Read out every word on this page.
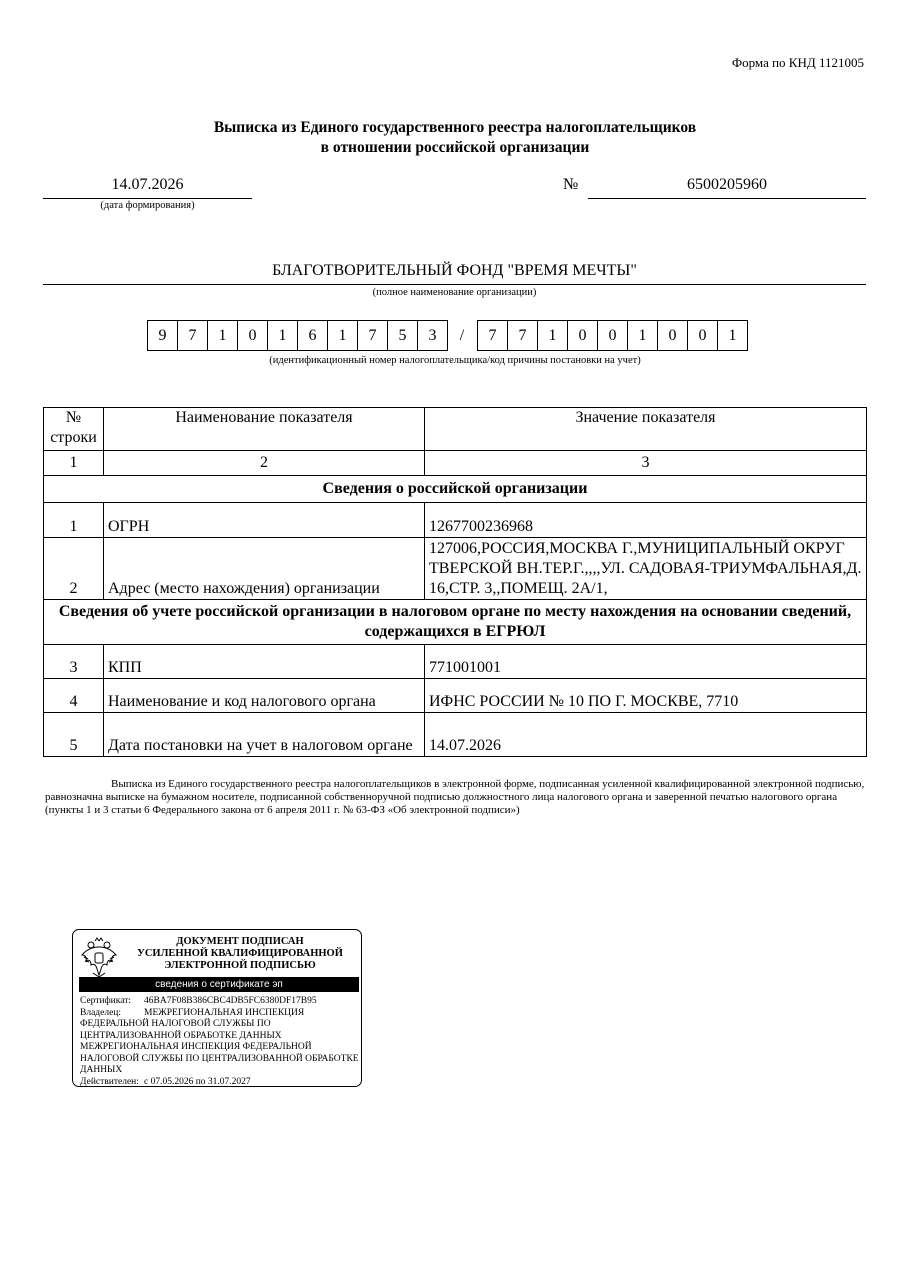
Форма по КНД 1121005
Выписка из Единого государственного реестра налогоплательщиков
в отношении российской организации
14.07.2026
(дата формирования)
№	6500205960
БЛАГОТВОРИТЕЛЬНЫЙ ФОНД "ВРЕМЯ МЕЧТЫ"
(полное наименование организации)
9	7	1	0	1	6	1	7	5	3	/	7	7	1	0	0	1	0	0	1
(идентификационный номер налогоплательщика/код причины постановки на учет)
№ строки	Наименование показателя	Значение показателя
1	2	3
Сведения о российской организации		
1	ОГРН	1267700236968
2	Адрес (место нахождения) организации	127006,РОССИЯ,МОСКВА Г.,МУНИЦИПАЛЬНЫЙ ОКРУГ ТВЕРСКОЙ ВН.ТЕР.Г.,,,,УЛ. САДОВАЯ-ТРИУМФАЛЬНАЯ,Д. 16,СТР. 3,,ПОМЕЩ. 2А/1,
Сведения об учете российской организации в налоговом органе по месту нахождения на основании сведений, содержащихся в ЕГРЮЛ		
3	КПП	771001001
4	Наименование и код налогового органа	ИФНС РОССИИ № 10 ПО Г. МОСКВЕ, 7710
5	Дата постановки на учет в налоговом органе	14.07.2026
Выписка из Единого государственного реестра налогоплательщиков в электронной форме, подписанная усиленной квалифицированной электронной подписью, равнозначна выписке на бумажном носителе, подписанной собственноручной подписью должностного лица налогового органа и заверенной печатью налогового органа (пункты 1 и 3 статьи 6 Федерального закона от 6 апреля 2011 г. № 63-ФЗ «Об электронной подписи»)
ДОКУМЕНТ ПОДПИСАН
УСИЛЕННОЙ КВАЛИФИЦИРОВАННОЙ
ЭЛЕКТРОННОЙ ПОДПИСЬЮ
сведения о сертификате эп
Сертификат: 46BA7F08B386CBC4DB5FC6380DF17B95
Владелец: МЕЖРЕГИОНАЛЬНАЯ ИНСПЕКЦИЯ ФЕДЕРАЛЬНОЙ НАЛОГОВОЙ СЛУЖБЫ ПО ЦЕНТРАЛИЗОВАННОЙ ОБРАБОТКЕ ДАННЫХ МЕЖРЕГИОНАЛЬНАЯ ИНСПЕКЦИЯ ФЕДЕРАЛЬНОЙ НАЛОГОВОЙ СЛУЖБЫ ПО ЦЕНТРАЛИЗОВАННОЙ ОБРАБОТКЕ ДАННЫХ
Действителен: с 07.05.2026 по 31.07.2027
